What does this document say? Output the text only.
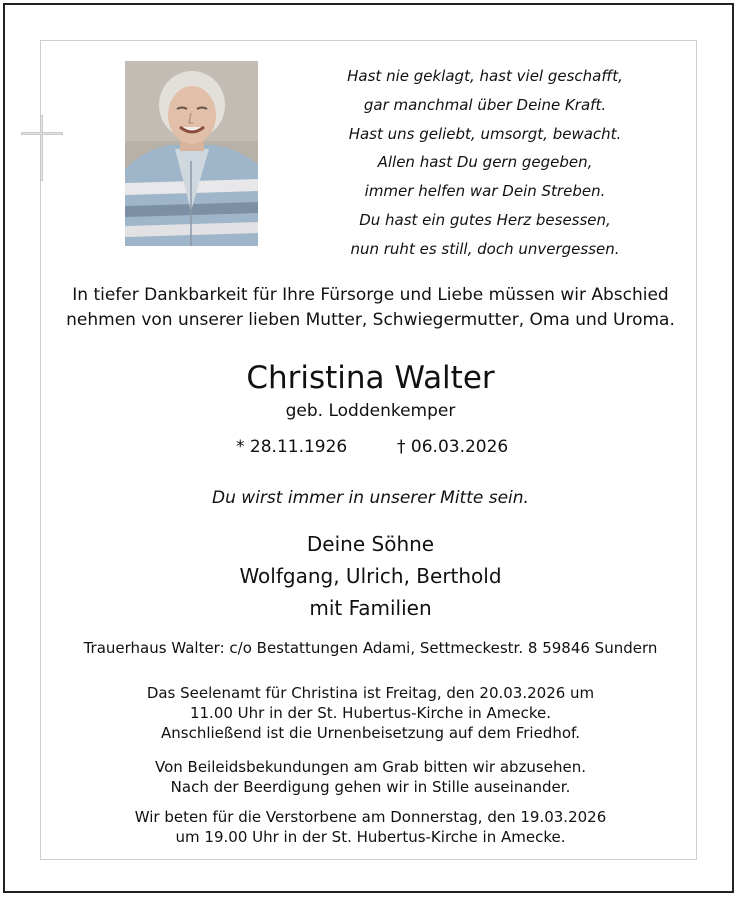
Hast nie geklagt, hast viel geschafft,
gar manchmal über Deine Kraft.
Hast uns geliebt, umsorgt, bewacht.
Allen hast Du gern gegeben,
immer helfen war Dein Streben.
Du hast ein gutes Herz besessen,
nun ruht es still, doch unvergessen.
In tiefer Dankbarkeit für Ihre Fürsorge und Liebe müssen wir Abschied
nehmen von unserer lieben Mutter, Schwiegermutter, Oma und Uroma.
Christina Walter
geb. Loddenkemper
* 28.11.1926	† 06.03.2026
Du wirst immer in unserer Mitte sein.
Deine Söhne
Wolfgang, Ulrich, Berthold
mit Familien
Trauerhaus Walter: c/o Bestattungen Adami, Settmeckestr. 8 59846 Sundern
Das Seelenamt für Christina ist Freitag, den 20.03.2026 um
11.00 Uhr in der St. Hubertus-Kirche in Amecke.
Anschließend ist die Urnenbeisetzung auf dem Friedhof.
Von Beileidsbekundungen am Grab bitten wir abzusehen.
Nach der Beerdigung gehen wir in Stille auseinander.
Wir beten für die Verstorbene am Donnerstag, den 19.03.2026
um 19.00 Uhr in der St. Hubertus-Kirche in Amecke.
